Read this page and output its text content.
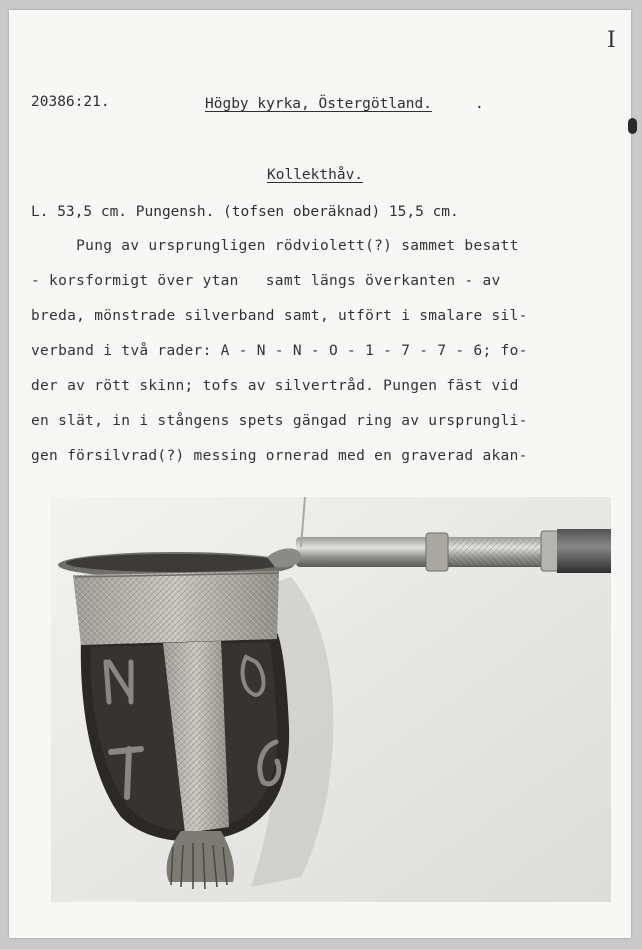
I
20386:21.	Högby kyrka, Östergötland.	.
Kollekthåv.
L. 53,5 cm. Pungensh. (tofsen oberäknad) 15,5 cm.
Pung av ursprungligen rödviolett(?) sammet besatt
- korsformigt över ytan   samt längs överkanten - av
breda, mönstrade silverband samt, utfört i smalare sil-
verband i två rader: A - N - N - O - 1 - 7 - 7 - 6; fo-
der av rött skinn; tofs av silvertråd. Pungen fäst vid
en slät, in i stångens spets gängad ring av ursprungli-
gen försilvrad(?) messing ornerad med en graverad akan-
